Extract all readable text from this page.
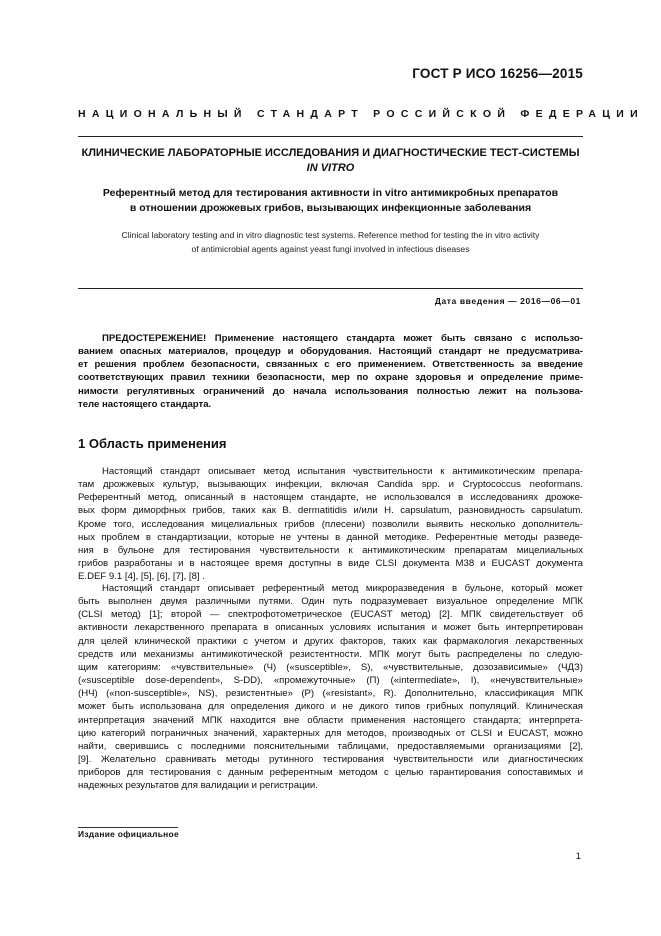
ГОСТ Р ИСО 16256—2015
НАЦИОНАЛЬНЫЙ СТАНДАРТ РОССИЙСКОЙ ФЕДЕРАЦИИ
КЛИНИЧЕСКИЕ ЛАБОРАТОРНЫЕ ИССЛЕДОВАНИЯ И ДИАГНОСТИЧЕСКИЕ ТЕСТ-СИСТЕМЫ
IN VITRO
Референтный метод для тестирования активности in vitro антимикробных препаратов
в отношении дрожжевых грибов, вызывающих инфекционные заболевания
Clinical laboratory testing and in vitro diagnostic test systems. Reference method for testing the in vitro activity
of antimicrobial agents against yeast fungi involved in infectious diseases
Дата введения — 2016—06—01
ПРЕДОСТЕРЕЖЕНИЕ! Применение настоящего стандарта может быть связано с использо-
ванием опасных материалов, процедур и оборудования. Настоящий стандарт не предусматрива-
ет решения проблем безопасности, связанных с его применением. Ответственность за введение
соответствующих правил техники безопасности, мер по охране здоровья и определение приме-
нимости регулятивных ограничений до начала использования полностью лежит на пользова-
теле настоящего стандарта.
1 Область применения
Настоящий стандарт описывает метод испытания чувствительности к антимикотическим препара-
там дрожжевых культур, вызывающих инфекции, включая Candida spp. и Cryptococcus neoformans.
Референтный метод, описанный в настоящем стандарте, не использовался в исследованиях дрожже-
вых форм диморфных грибов, таких как B. dermatitidis и/или H. capsulatum, разновидность capsulatum.
Кроме того, исследования мицелиальных грибов (плесени) позволили выявить несколько дополнитель-
ных проблем в стандартизации, которые не учтены в данной методике. Референтные методы разведе-
ния в бульоне для тестирования чувствительности к антимикотическим препаратам мицелиальных
грибов разработаны и в настоящее время доступны в виде CLSI документа M38 и EUCAST документа
E.DEF 9.1 [4], [5], [6], [7], [8] .
Настоящий стандарт описывает референтный метод микроразведения в бульоне, который может
быть выполнен двумя различными путями. Один путь подразумевает визуальное определение МПК
(CLSI метод) [1]; второй — спектрофотометрическое (EUCAST метод) [2]. МПК свидетельствует об
активности лекарственного препарата в описанных условиях испытания и может быть интерпретирован
для целей клинической практики с учетом и других факторов, таких как фармакология лекарственных
средств или механизмы антимикотической резистентности. МПК могут быть распределены по следую-
щим категориям: «чувствительные» (Ч) («susceptible», S), «чувствительные, дозозависимые» (ЧДЗ)
(«susceptible dose-dependent», S-DD), «промежуточные» (П) («intermediate», I), «нечувствительные»
(НЧ) («non-susceptible», NS), резистентные» (Р) («resistant», R). Дополнительно, классификация МПК
может быть использована для определения дикого и не дикого типов грибных популяций. Клиническая
интерпретация значений МПК находится вне области применения настоящего стандарта; интерпрета-
цию категорий пограничных значений, характерных для методов, производных от CLSI и EUCAST, можно
найти, сверившись с последними пояснительными таблицами, предоставляемыми организациями [2],
[9]. Желательно сравнивать методы рутинного тестирования чувствительности или диагностических
приборов для тестирования с данным референтным методом с целью гарантирования сопоставимых и
надежных результатов для валидации и регистрации.
Издание официальное
1
